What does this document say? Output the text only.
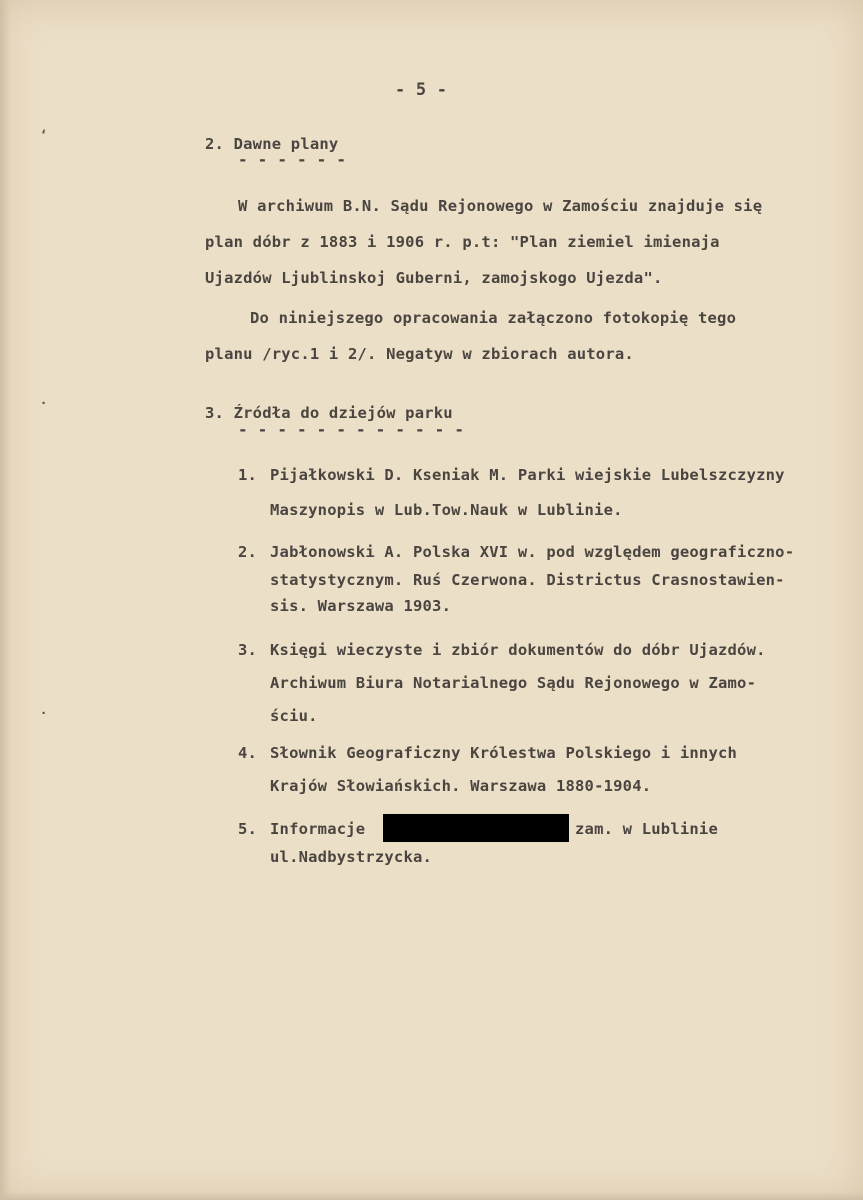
ʻ
·
·
- 5 -
2. Dawne plany
- - - - - -
W archiwum B.N. Sądu Rejonowego w Zamościu znajduje się
plan dóbr z 1883 i 1906 r. p.t: "Plan ziemiel imienaja
Ujazdów Ljublinskoj Guberni, zamojskogo Ujezda".
Do niniejszego opracowania załączono fotokopię tego
planu /ryc.1 i 2/. Negatyw w zbiorach autora.
3. Źródła do dziejów parku
- - - - - - - - - - - -
1. Pijałkowski D. Kseniak M. Parki wiejskie Lubelszczyzny
Maszynopis w Lub.Tow.Nauk w Lublinie.
2. Jabłonowski A. Polska XVI w. pod względem geograficzno-
statystycznym. Ruś Czerwona. Districtus Crasnostawien-
sis. Warszawa 1903.
3. Księgi wieczyste i zbiór dokumentów do dóbr Ujazdów.
Archiwum Biura Notarialnego Sądu Rejonowego w Zamo-
ściu.
4. Słownik Geograficzny Królestwa Polskiego i innych
Krajów Słowiańskich. Warszawa 1880-1904.
5. Informacje	zam. w Lublinie
ul.Nadbystrzycka.
